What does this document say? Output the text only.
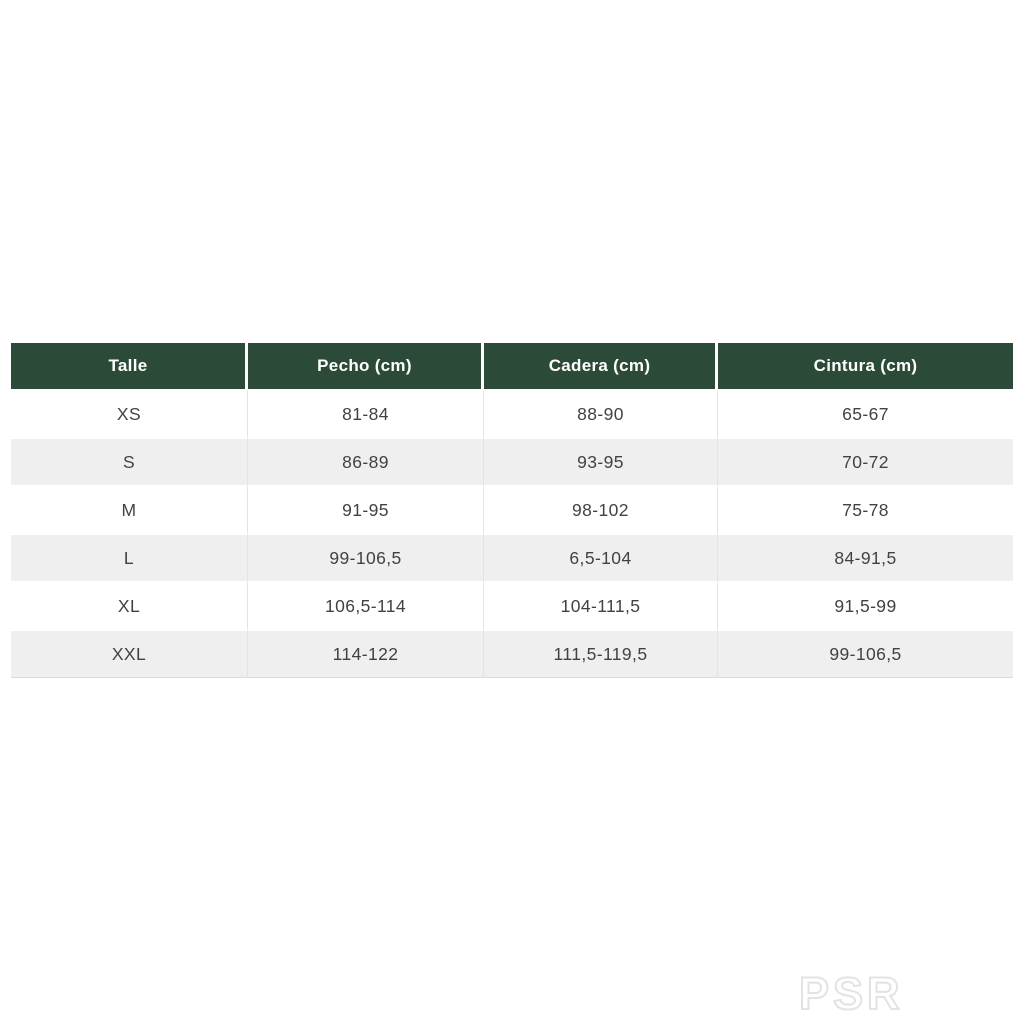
Talle	Pecho (cm)	Cadera (cm)	Cintura (cm)
XS	81-84	88-90	65-67
S	86-89	93-95	70-72
M	91-95	98-102	75-78
L	99-106,5	6,5-104	84-91,5
XL	106,5-114	104-111,5	91,5-99
XXL	114-122	111,5-119,5	99-106,5
PSR
